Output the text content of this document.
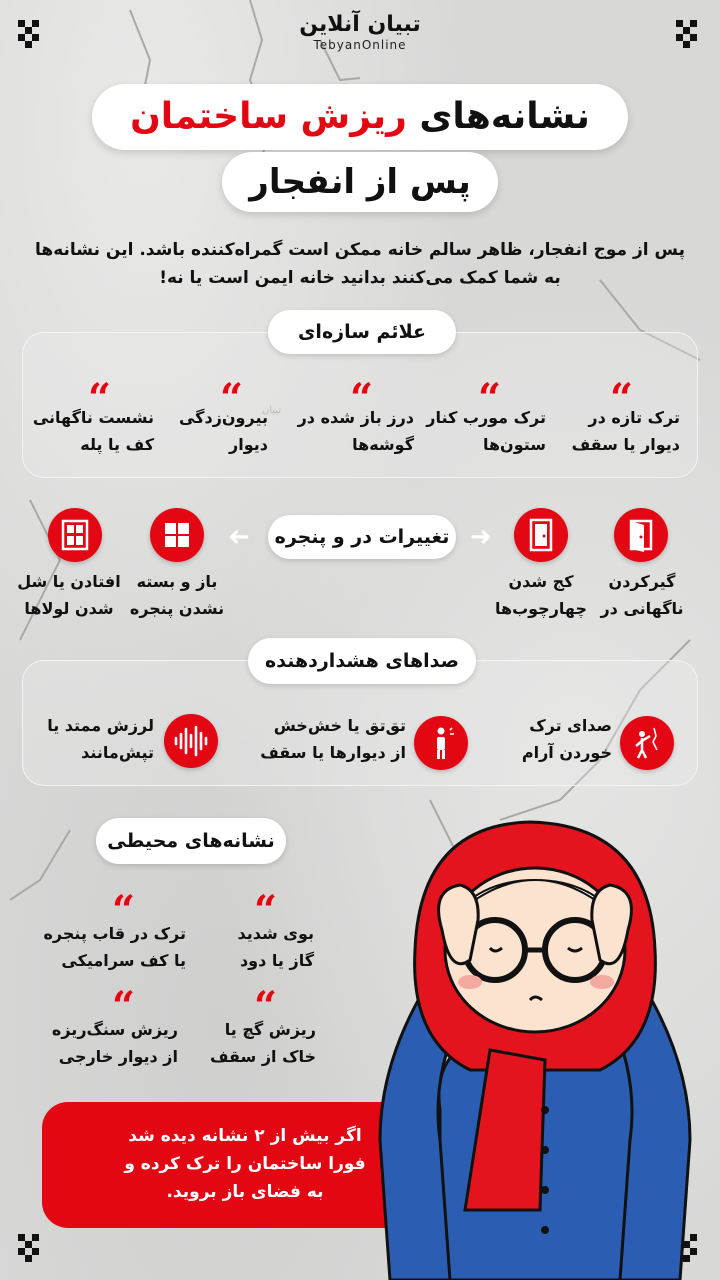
تبیان آنلاین
TebyanOnline
نشانه‌های ریزش ساختمان
پس از انفجار
پس از موج انفجار، ظاهر سالم خانه ممکن است گمراه‌کننده باشد. این نشانه‌ها
به شما کمک می‌کنند بدانید خانه ایمن است یا نه!
علائم سازه‌ای
“
ترک تازه در
دیوار یا سقف
“
ترک مورب کنار
ستون‌ها
“
درز باز شده در
گوشه‌ها
“
بیرون‌زدگی
دیوار
“
نشست ناگهانی
کف یا پله
تبیان
تغییرات در و پنجره ➜
➜
گیرکردن
ناگهانی در
کج شدن
چهارچوب‌ها
باز و بسته
نشدن پنجره
افتادن یا شل
شدن لولاها
صداهای هشداردهنده
صدای ترک
خوردن آرام
تق‌تق یا خش‌خش
از دیوارها یا سقف
لرزش ممتد یا
تپش‌مانند
نشانه‌های محیطی
“
بوی شدید
گاز یا دود
“
ترک در قاب پنجره
یا کف سرامیکی
“
ریزش گچ یا
خاک از سقف
“
ریزش سنگ‌ریزه
از دیوار خارجی
اگر بیش از ۲ نشانه دیده شد
فورا ساختمان را ترک کرده و
به فضای باز بروید.
